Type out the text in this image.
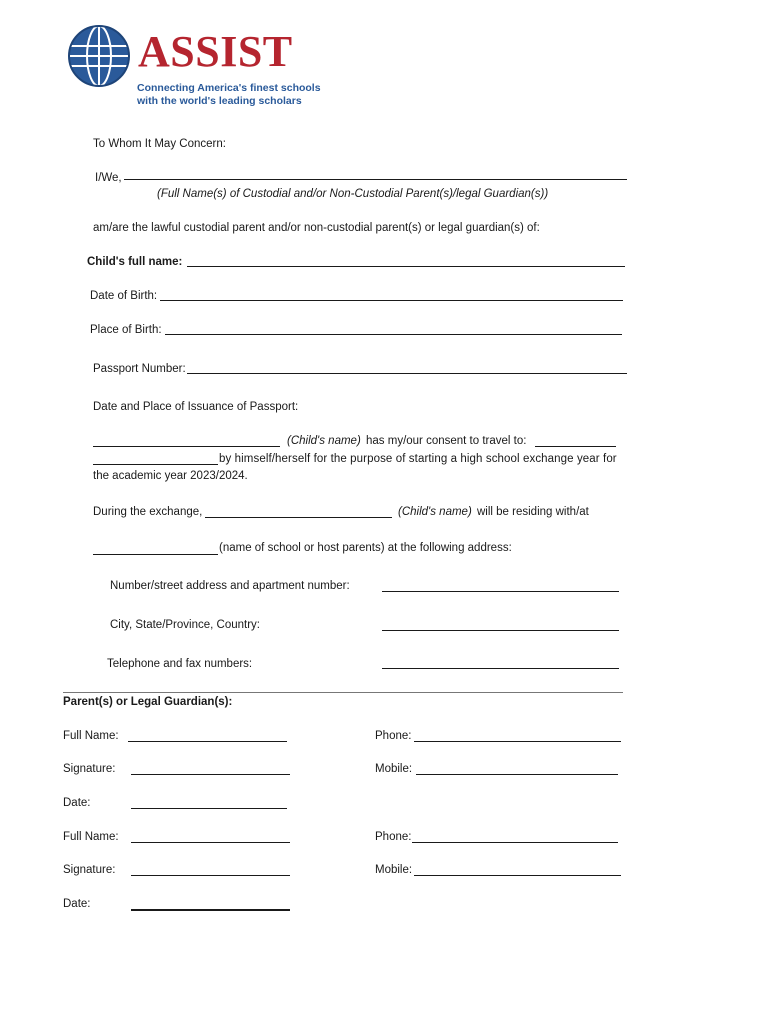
ASSIST
Connecting America's finest schools
with the world's leading scholars
To Whom It May Concern:
I/We,
(Full Name(s) of Custodial and/or Non-Custodial Parent(s)/legal Guardian(s))
am/are the lawful custodial parent and/or non-custodial parent(s) or legal guardian(s) of:
Child's full name:
Date of Birth:
Place of Birth:
Passport Number:
Date and Place of Issuance of Passport:
(Child's name) has my/our consent to travel to:
by himself/herself for the purpose of starting a high school exchange year for
the academic year 2023/2024.
During the exchange,	(Child's name) will be residing with/at
(name of school or host parents) at the following address:
Number/street address and apartment number:
City, State/Province, Country:
Telephone and fax numbers:
Parent(s) or Legal Guardian(s):
Full Name:	Phone:
Signature:	Mobile:
Date:
Full Name:	Phone:
Signature:	Mobile:
Date:
